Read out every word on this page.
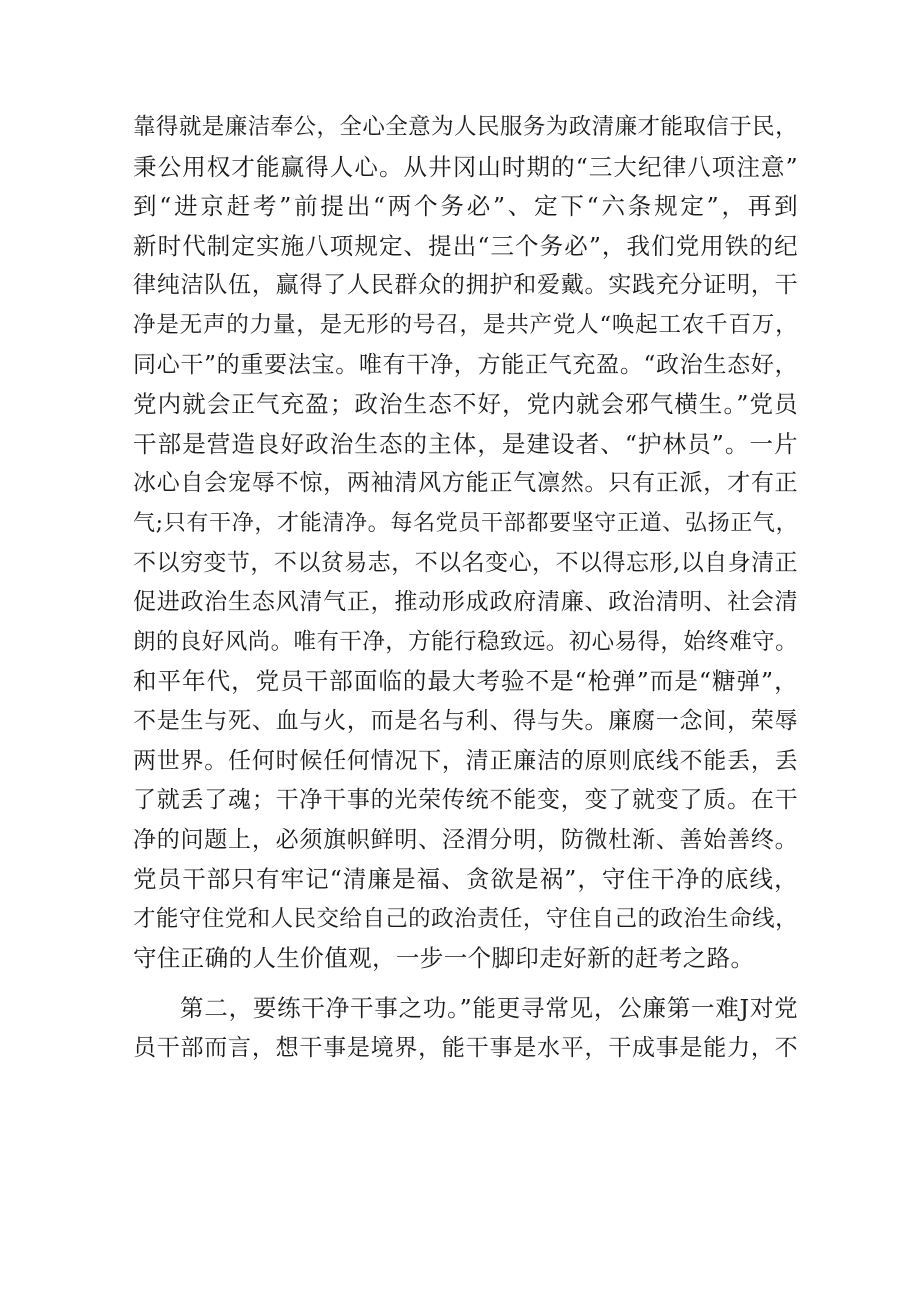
靠得就是廉洁奉公，全心全意为人民服务为政清廉才能取信于民，
秉公用权才能赢得人心。从井冈山时期的“三大纪律八项注意”
到“进京赶考”前提出“两个务必”、定下“六条规定”，再到
新时代制定实施八项规定、提出“三个务必”，我们党用铁的纪
律纯洁队伍，赢得了人民群众的拥护和爱戴。实践充分证明，干
净是无声的力量，是无形的号召，是共产党人“唤起工农千百万，
同心干”的重要法宝。唯有干净，方能正气充盈。“政治生态好，
党内就会正气充盈；政治生态不好，党内就会邪气横生。”党员
干部是营造良好政治生态的主体，是建设者、“护林员”。一片
冰心自会宠辱不惊，两袖清风方能正气凛然。只有正派，才有正
气;只有干净，才能清净。每名党员干部都要坚守正道、弘扬正气，
不以穷变节，不以贫易志，不以名变心，不以得忘形,以自身清正
促进政治生态风清气正，推动形成政府清廉、政治清明、社会清
朗的良好风尚。唯有干净，方能行稳致远。初心易得，始终难守。
和平年代，党员干部面临的最大考验不是“枪弹”而是“糖弹”，
不是生与死、血与火，而是名与利、得与失。廉腐一念间，荣辱
两世界。任何时候任何情况下，清正廉洁的原则底线不能丢，丢
了就丢了魂；干净干事的光荣传统不能变，变了就变了质。在干
净的问题上，必须旗帜鲜明、泾渭分明，防微杜渐、善始善终。
党员干部只有牢记“清廉是福、贪欲是祸”，守住干净的底线，
才能守住党和人民交给自己的政治责任，守住自己的政治生命线，
守住正确的人生价值观，一步一个脚印走好新的赶考之路。
第二，要练干净干事之功。”能更寻常见，公廉第一难J对党
员干部而言，想干事是境界，能干事是水平，干成事是能力，不
